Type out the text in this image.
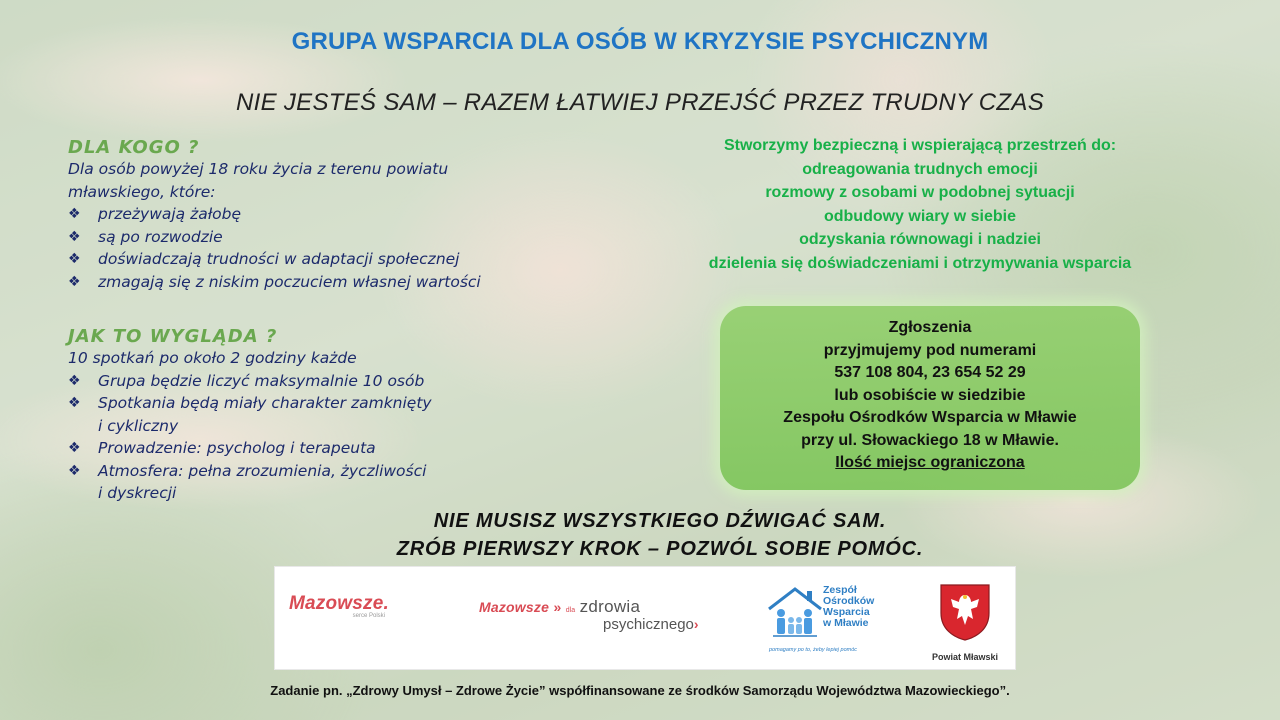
GRUPA WSPARCIA DLA OSÓB W KRYZYSIE PSYCHICZNYM
NIE JESTEŚ SAM – RAZEM ŁATWIEJ PRZEJŚĆ PRZEZ TRUDNY CZAS
DLA KOGO ?
Dla osób powyżej 18 roku życia z terenu powiatu
mławskiego, które:
❖ przeżywają żałobę
❖ są po rozwodzie
❖ doświadczają trudności w adaptacji społecznej
❖ zmagają się z niskim poczuciem własnej wartości
JAK TO WYGLĄDA ?
10 spotkań po około 2 godziny każde
❖ Grupa będzie liczyć maksymalnie 10 osób
❖ Spotkania będą miały charakter zamknięty
i cykliczny
❖ Prowadzenie: psycholog i terapeuta
❖ Atmosfera: pełna zrozumienia, życzliwości
i dyskrecji
Stworzymy bezpieczną i wspierającą przestrzeń do:
odreagowania trudnych emocji
rozmowy z osobami w podobnej sytuacji
odbudowy wiary w siebie
odzyskania równowagi i nadziei
dzielenia się doświadczeniami i otrzymywania wsparcia
Zgłoszenia
przyjmujemy pod numerami
537 108 804, 23 654 52 29
lub osobiście w siedzibie
Zespołu Ośrodków Wsparcia w Mławie
przy ul. Słowackiego 18 w Mławie.
Ilość miejsc ograniczona
NIE MUSISZ WSZYSTKIEGO DŹWIGAĆ SAM.
ZRÓB PIERWSZY KROK – POZWÓL SOBIE POMÓC.
Mazowsze.
serce Polski
Mazowsze » dla zdrowia
psychicznego›
Zespół
Ośrodków
Wsparcia
w Mławie
pomagamy po to, żeby lepiej pomóc
Powiat Mławski
Zadanie pn. „Zdrowy Umysł – Zdrowe Życie” współfinansowane ze środków Samorządu Województwa Mazowieckiego”.
